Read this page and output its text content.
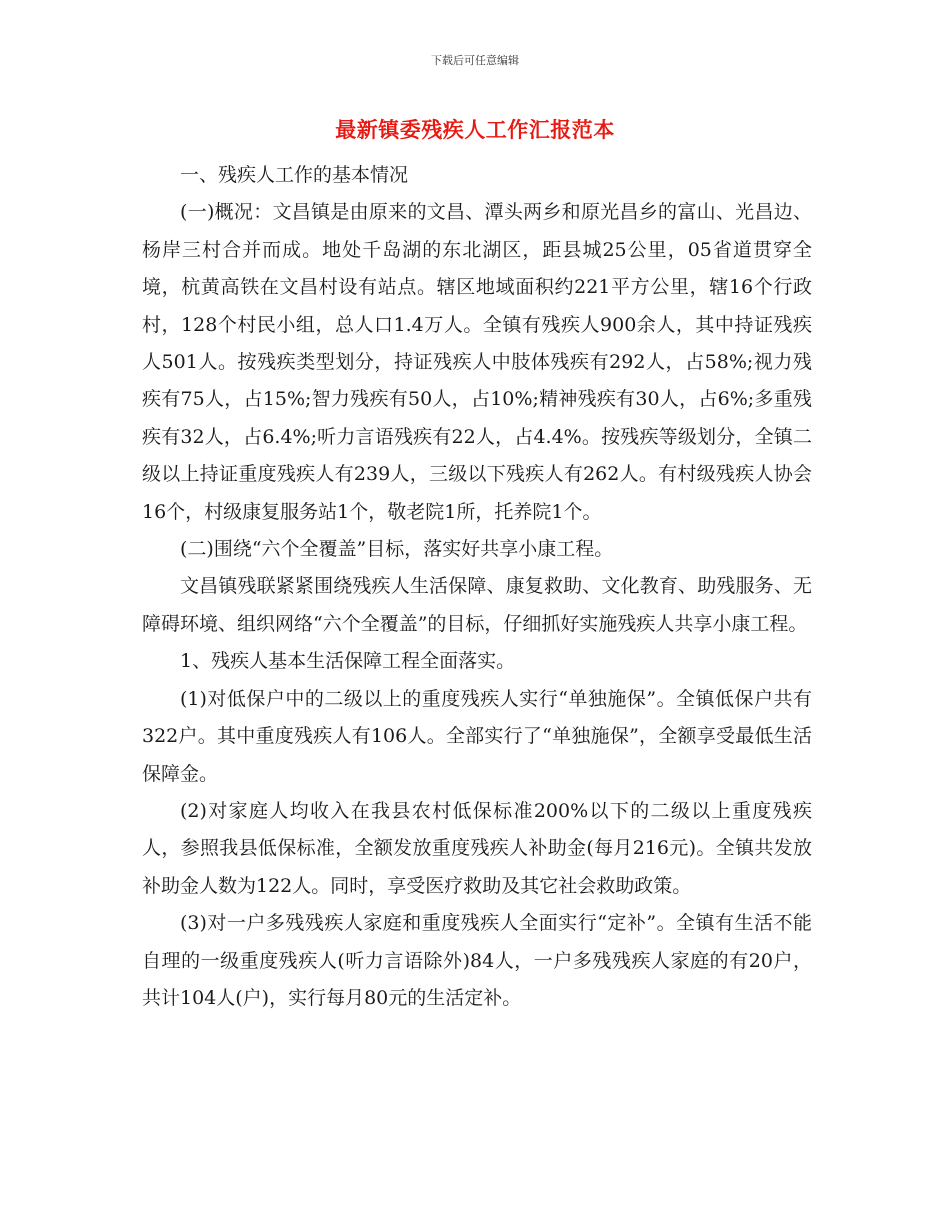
下载后可任意编辑
最新镇委残疾人工作汇报范本

一、残疾人工作的基本情况

(一)概况：文昌镇是由原来的文昌、潭头两乡和原光昌乡的富山、光昌边、杨岸三村合并而成。地处千岛湖的东北湖区，距县城25公里，05省道贯穿全境，杭黄高铁在文昌村设有站点。辖区地域面积约221平方公里，辖16个行政村，128个村民小组，总人口1.4万人。全镇有残疾人900余人，其中持证残疾人501人。按残疾类型划分，持证残疾人中肢体残疾有292人，占58%;视力残疾有75人，占15%;智力残疾有50人，占10%;精神残疾有30人，占6%;多重残疾有32人，占6.4%;听力言语残疾有22人，占4.4%。按残疾等级划分，全镇二级以上持证重度残疾人有239人，三级以下残疾人有262人。有村级残疾人协会16个，村级康复服务站1个，敬老院1所，托养院1个。

(二)围绕“六个全覆盖”目标，落实好共享小康工程。

文昌镇残联紧紧围绕残疾人生活保障、康复救助、文化教育、助残服务、无障碍环境、组织网络“六个全覆盖”的目标，仔细抓好实施残疾人共享小康工程。

1、残疾人基本生活保障工程全面落实。

(1)对低保户中的二级以上的重度残疾人实行“单独施保”。全镇低保户共有322户。其中重度残疾人有106人。全部实行了“单独施保”，全额享受最低生活保障金。

(2)对家庭人均收入在我县农村低保标准200%以下的二级以上重度残疾人，参照我县低保标准，全额发放重度残疾人补助金(每月216元)。全镇共发放补助金人数为122人。同时，享受医疗救助及其它社会救助政策。

(3)对一户多残残疾人家庭和重度残疾人全面实行“定补”。全镇有生活不能自理的一级重度残疾人(听力言语除外)84人，一户多残残疾人家庭的有20户，共计104人(户)，实行每月80元的生活定补。
